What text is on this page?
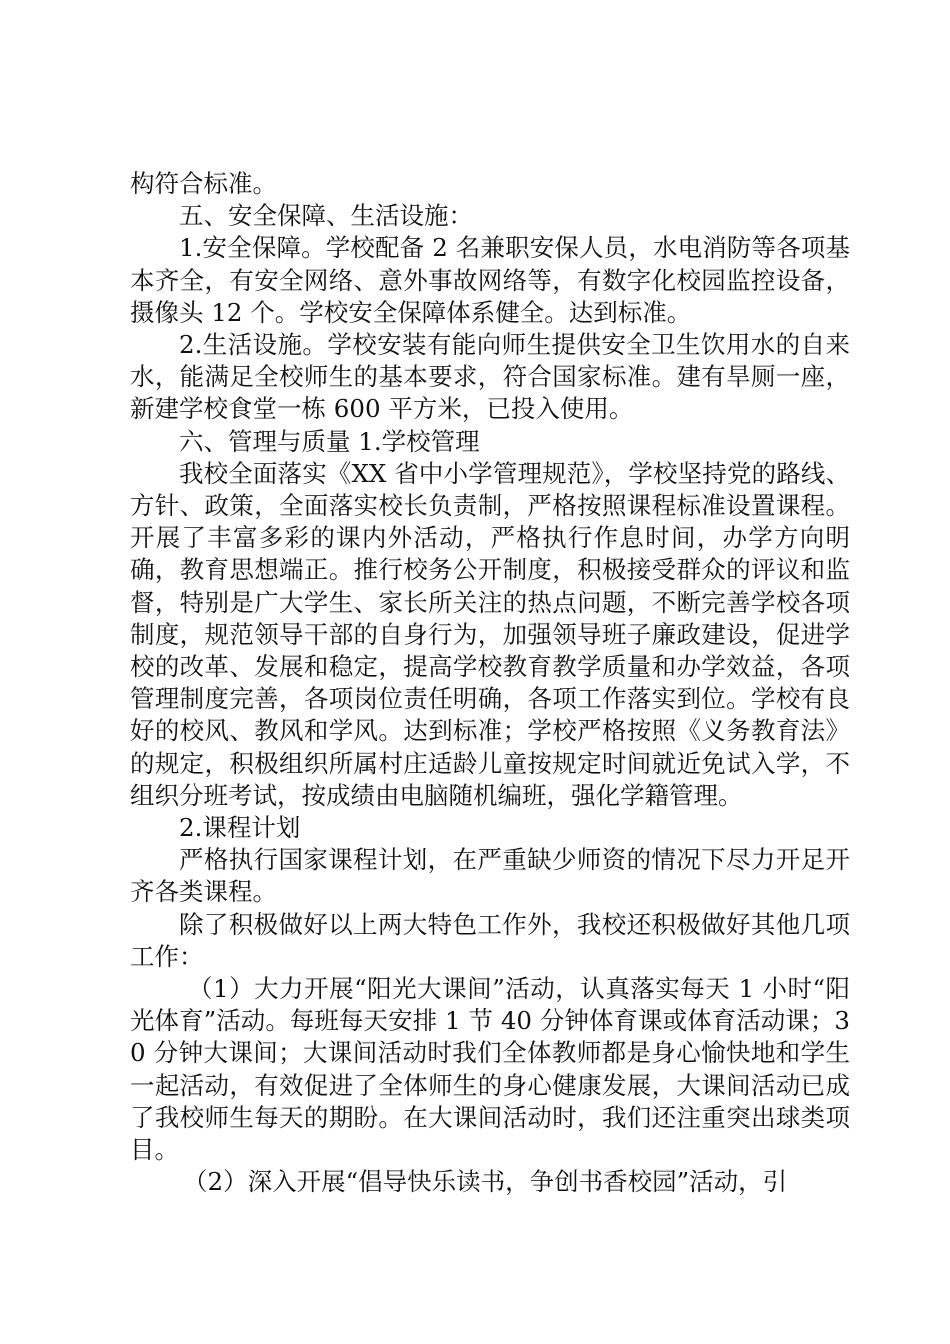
构符合标准。

五、安全保障、生活设施：

1.安全保障。学校配备 2 名兼职安保人员，水电消防等各项基本齐全，有安全网络、意外事故网络等，有数字化校园监控设备，摄像头 12 个。学校安全保障体系健全。达到标准。

2.生活设施。学校安装有能向师生提供安全卫生饮用水的自来水，能满足全校师生的基本要求，符合国家标准。建有旱厕一座，新建学校食堂一栋 600 平方米，已投入使用。

六、管理与质量 1.学校管理

我校全面落实《XX 省中小学管理规范》，学校坚持党的路线、方针、政策，全面落实校长负责制，严格按照课程标准设置课程。开展了丰富多彩的课内外活动，严格执行作息时间，办学方向明确，教育思想端正。推行校务公开制度，积极接受群众的评议和监督，特别是广大学生、家长所关注的热点问题，不断完善学校各项制度，规范领导干部的自身行为，加强领导班子廉政建设，促进学校的改革、发展和稳定，提高学校教育教学质量和办学效益，各项管理制度完善，各项岗位责任明确，各项工作落实到位。学校有良好的校风、教风和学风。达到标准；学校严格按照《义务教育法》的规定，积极组织所属村庄适龄儿童按规定时间就近免试入学，不组织分班考试，按成绩由电脑随机编班，强化学籍管理。

2.课程计划

严格执行国家课程计划，在严重缺少师资的情况下尽力开足开齐各类课程。

除了积极做好以上两大特色工作外，我校还积极做好其他几项工作：

（1）大力开展“阳光大课间”活动，认真落实每天 1 小时“阳光体育”活动。每班每天安排 1 节 40 分钟体育课或体育活动课；30 分钟大课间；大课间活动时我们全体教师都是身心愉快地和学生一起活动，有效促进了全体师生的身心健康发展，大课间活动已成了我校师生每天的期盼。在大课间活动时，我们还注重突出球类项目。

（2）深入开展“倡导快乐读书，争创书香校园”活动，引
